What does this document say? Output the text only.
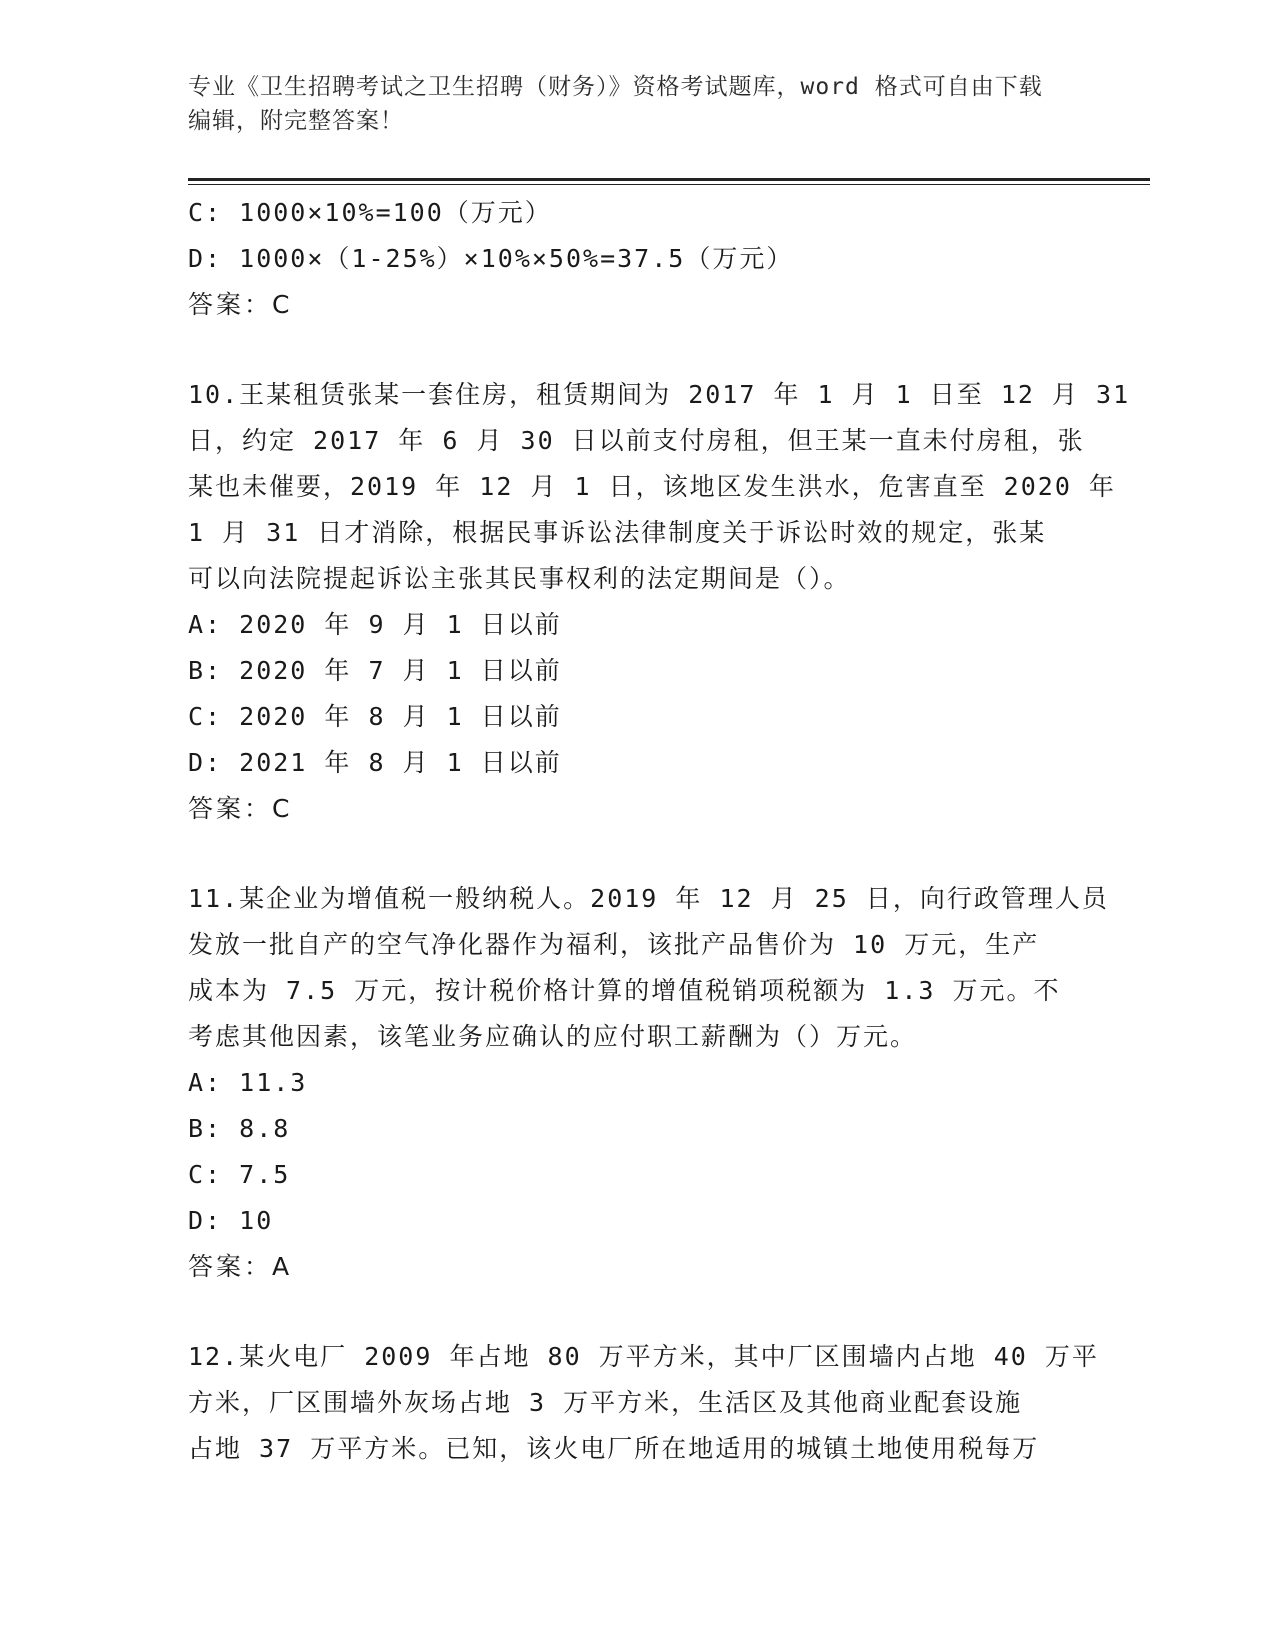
专业《卫生招聘考试之卫生招聘（财务）》资格考试题库，word 格式可自由下载
编辑，附完整答案！
C: 1000×10%=100（万元）
D: 1000×（1-25%）×10%×50%=37.5（万元）
答案：C
10.王某租赁张某一套住房，租赁期间为 2017 年 1 月 1 日至 12 月 31
日，约定 2017 年 6 月 30 日以前支付房租，但王某一直未付房租，张
某也未催要，2019 年 12 月 1 日，该地区发生洪水，危害直至 2020 年
1 月 31 日才消除，根据民事诉讼法律制度关于诉讼时效的规定，张某
可以向法院提起诉讼主张其民事权利的法定期间是（）。
A: 2020 年 9 月 1 日以前
B: 2020 年 7 月 1 日以前
C: 2020 年 8 月 1 日以前
D: 2021 年 8 月 1 日以前
答案：C
11.某企业为增值税一般纳税人。2019 年 12 月 25 日，向行政管理人员
发放一批自产的空气净化器作为福利，该批产品售价为 10 万元，生产
成本为 7.5 万元，按计税价格计算的增值税销项税额为 1.3 万元。不
考虑其他因素，该笔业务应确认的应付职工薪酬为（）万元。
A: 11.3
B: 8.8
C: 7.5
D: 10
答案：A
12.某火电厂 2009 年占地 80 万平方米，其中厂区围墙内占地 40 万平
方米，厂区围墙外灰场占地 3 万平方米，生活区及其他商业配套设施
占地 37 万平方米。已知，该火电厂所在地适用的城镇土地使用税每万
